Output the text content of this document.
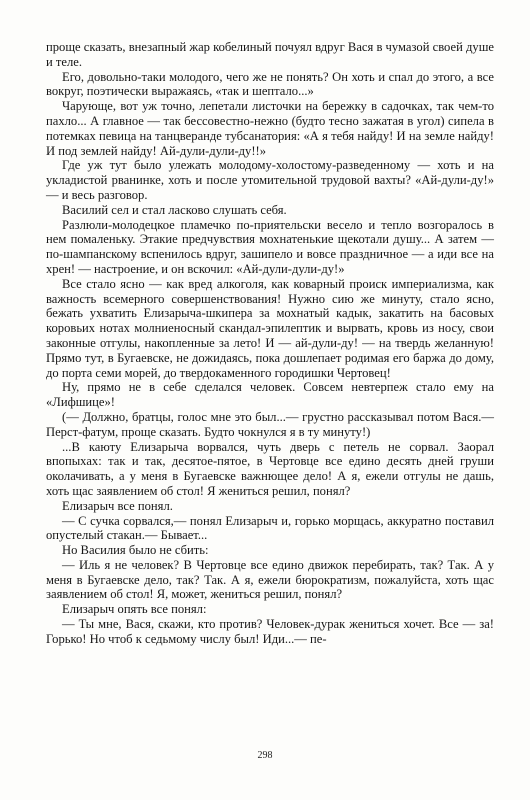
проще сказать, внезапный жар кобелиный почуял вдруг Вася в чумазой своей душе и теле.

Его, довольно-таки молодого, чего же не понять? Он хоть и спал до этого, а все вокруг, поэтически выражаясь, «так и шептало...»

Чарующе, вот уж точно, лепетали листочки на бережку в садочках, так чем-то пахло... А главное — так бессовестно-нежно (будто тесно зажатая в угол) сипела в потемках певица на танцверанде тубсанатория: «А я тебя найду! И на земле найду! И под землей найду! Ай-дули-дули-ду!!»

Где уж тут было улежать молодому-холостому-разведенному — хоть и на укладистой рванинке, хоть и после утомительной трудовой вахты? «Ай-дули-ду!» — и весь разговор.

Василий сел и стал ласково слушать себя.

Разлюли-молодецкое пламечко по-приятельски весело и тепло возгоралось в нем помаленьку. Этакие предчувствия мохнатенькие щекотали душу... А затем — по-шампанскому вспенилось вдруг, зашипело и вовсе праздничное — а иди все на хрен! — настроение, и он вскочил: «Ай-дули-дули-ду!»

Все стало ясно — как вред алкоголя, как коварный происк империализма, как важность всемерного совершенствования! Нужно сию же минуту, стало ясно, бежать ухватить Елизарыча-шкипера за мохнатый кадык, закатить на басовых коровьих нотах молниеносный скандал-эпилептик и вырвать, кровь из носу, свои законные отгулы, накопленные за лето! И — ай-дули-ду! — на твердь желанную! Прямо тут, в Бугаевске, не дожидаясь, пока дошлепает родимая его баржа до дому, до порта семи морей, до твердокаменного городишки Чертовец!

Ну, прямо не в себе сделался человек. Совсем невтерпеж стало ему на «Лифшице»!

(— Должно, братцы, голос мне это был...— грустно рассказывал потом Вася.— Перст-фатум, проще сказать. Будто чокнулся я в ту минуту!)

...В каюту Елизарыча ворвался, чуть дверь с петель не сорвал. Заорал впопыхах: так и так, десятое-пятое, в Чертовце все едино десять дней груши околачивать, а у меня в Бугаевске важнющее дело! А я, ежели отгулы не дашь, хоть щас заявлением об стол! Я жениться решил, понял?

Елизарыч все понял.

— С сучка сорвался,— понял Елизарыч и, горько морщась, аккуратно поставил опустелый стакан.— Бывает...

Но Василия было не сбить:

— Иль я не человек? В Чертовце все едино движок перебирать, так? Так. А у меня в Бугаевске дело, так? Так. А я, ежели бюрократизм, пожалуйста, хоть щас заявлением об стол! Я, может, жениться решил, понял?

Елизарыч опять все понял:

— Ты мне, Вася, скажи, кто против? Человек-дурак жениться хочет. Все — за! Горько! Но чтоб к седьмому числу был! Иди...— пе-

298
